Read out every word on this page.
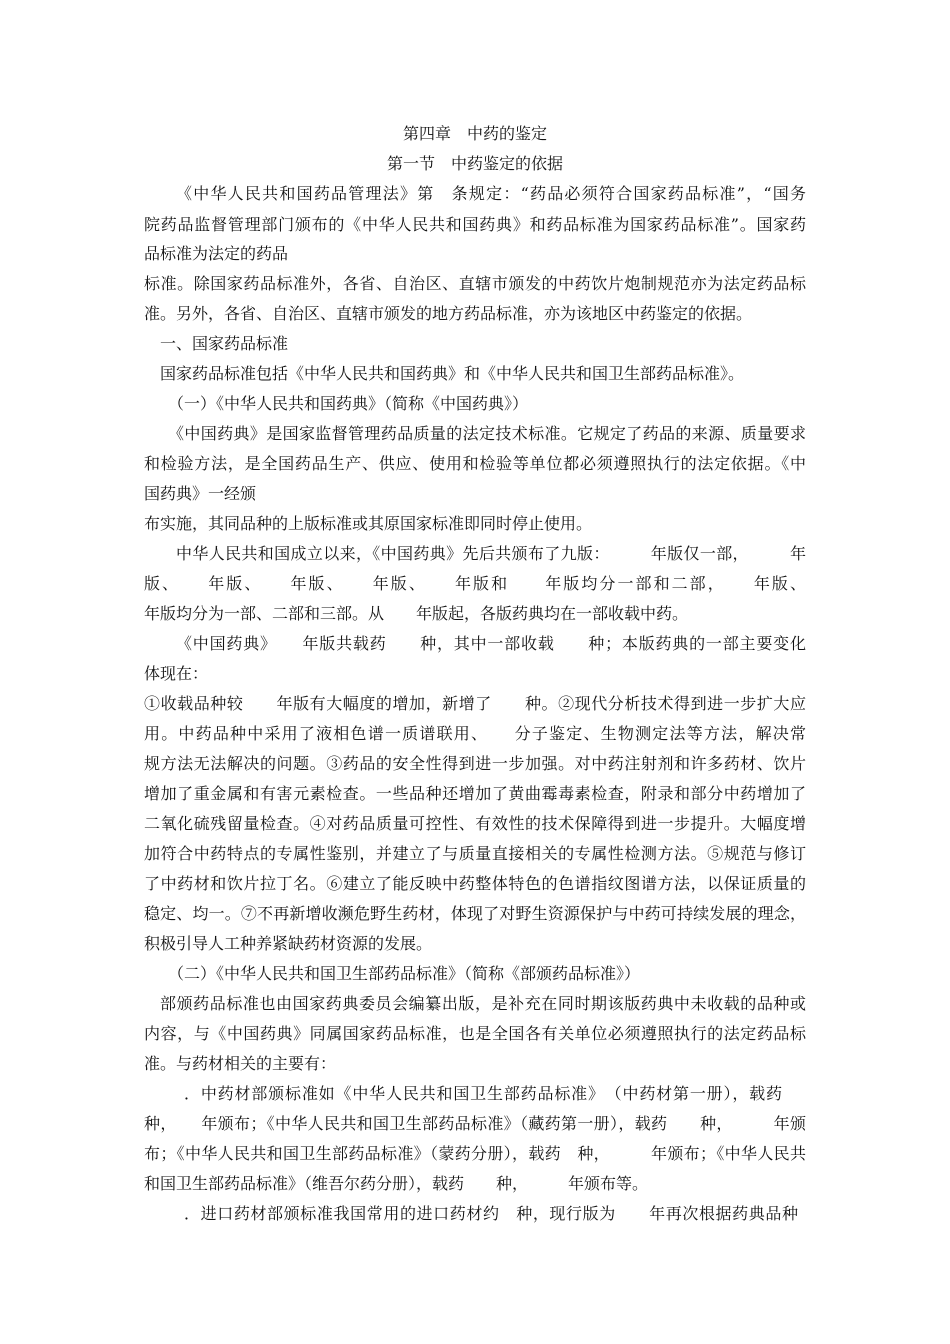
第四章　中药的鉴定
第一节　中药鉴定的依据
《中华人民共和国药品管理法》第　条规定：“药品必须符合国家药品标准”，“国务
院药品监督管理部门颁布的《中华人民共和国药典》和药品标准为国家药品标准”。国家药
品标准为法定的药品
标准。除国家药品标准外，各省、自治区、直辖市颁发的中药饮片炮制规范亦为法定药品标
准。另外，各省、自治区、直辖市颁发的地方药品标准，亦为该地区中药鉴定的依据。
一、国家药品标准
国家药品标准包括《中华人民共和国药典》和《中华人民共和国卫生部药品标准》。
（一）《中华人民共和国药典》（简称《中国药典》）
《中国药典》是国家监督管理药品质量的法定技术标准。它规定了药品的来源、质量要求
和检验方法，是全国药品生产、供应、使用和检验等单位都必须遵照执行的法定依据。《中
国药典》一经颁
布实施，其同品种的上版标准或其原国家标准即同时停止使用。
中华人民共和国成立以来，《中国药典》先后共颁布了九版：　　　年版仅一部，　　　年
版、　　年版、　　年版、　　年版、　　年版和　　年版均分一部和二部，　　年版、
年版均分为一部、二部和三部。从　　年版起，各版药典均在一部收载中药。
《中国药典》　　年版共载药　　种，其中一部收载　　种；本版药典的一部主要变化
体现在：
①收载品种较　　年版有大幅度的增加，新增了　　种。②现代分析技术得到进一步扩大应
用。中药品种中采用了液相色谱一质谱联用、　　分子鉴定、生物测定法等方法，解决常
规方法无法解决的问题。③药品的安全性得到进一步加强。对中药注射剂和许多药材、饮片
增加了重金属和有害元素检查。一些品种还增加了黄曲霉毒素检查，附录和部分中药增加了
二氧化硫残留量检查。④对药品质量可控性、有效性的技术保障得到进一步提升。大幅度增
加符合中药特点的专属性鉴别，并建立了与质量直接相关的专属性检测方法。⑤规范与修订
了中药材和饮片拉丁名。⑥建立了能反映中药整体特色的色谱指纹图谱方法，以保证质量的
稳定、均一。⑦不再新增收濒危野生药材，体现了对野生资源保护与中药可持续发展的理念，
积极引导人工种养紧缺药材资源的发展。
（二）《中华人民共和国卫生部药品标准》（简称《部颁药品标准》）
部颁药品标准也由国家药典委员会编纂出版，是补充在同时期该版药典中未收载的品种或
内容，与《中国药典》同属国家药品标准，也是全国各有关单位必须遵照执行的法定药品标
准。与药材相关的主要有：
．中药材部颁标准如《中华人民共和国卫生部药品标准》　（中药材第一册），载药
种，　　年颁布；《中华人民共和国卫生部药品标准》（藏药第一册），载药　　种，　　　年颁
布；《中华人民共和国卫生部药品标准》（蒙药分册），载药　种，　　　年颁布；《中华人民共
和国卫生部药品标准》（维吾尔药分册），载药　　种，　　　年颁布等。
．进口药材部颁标准我国常用的进口药材约　种，现行版为　　年再次根据药典品种
